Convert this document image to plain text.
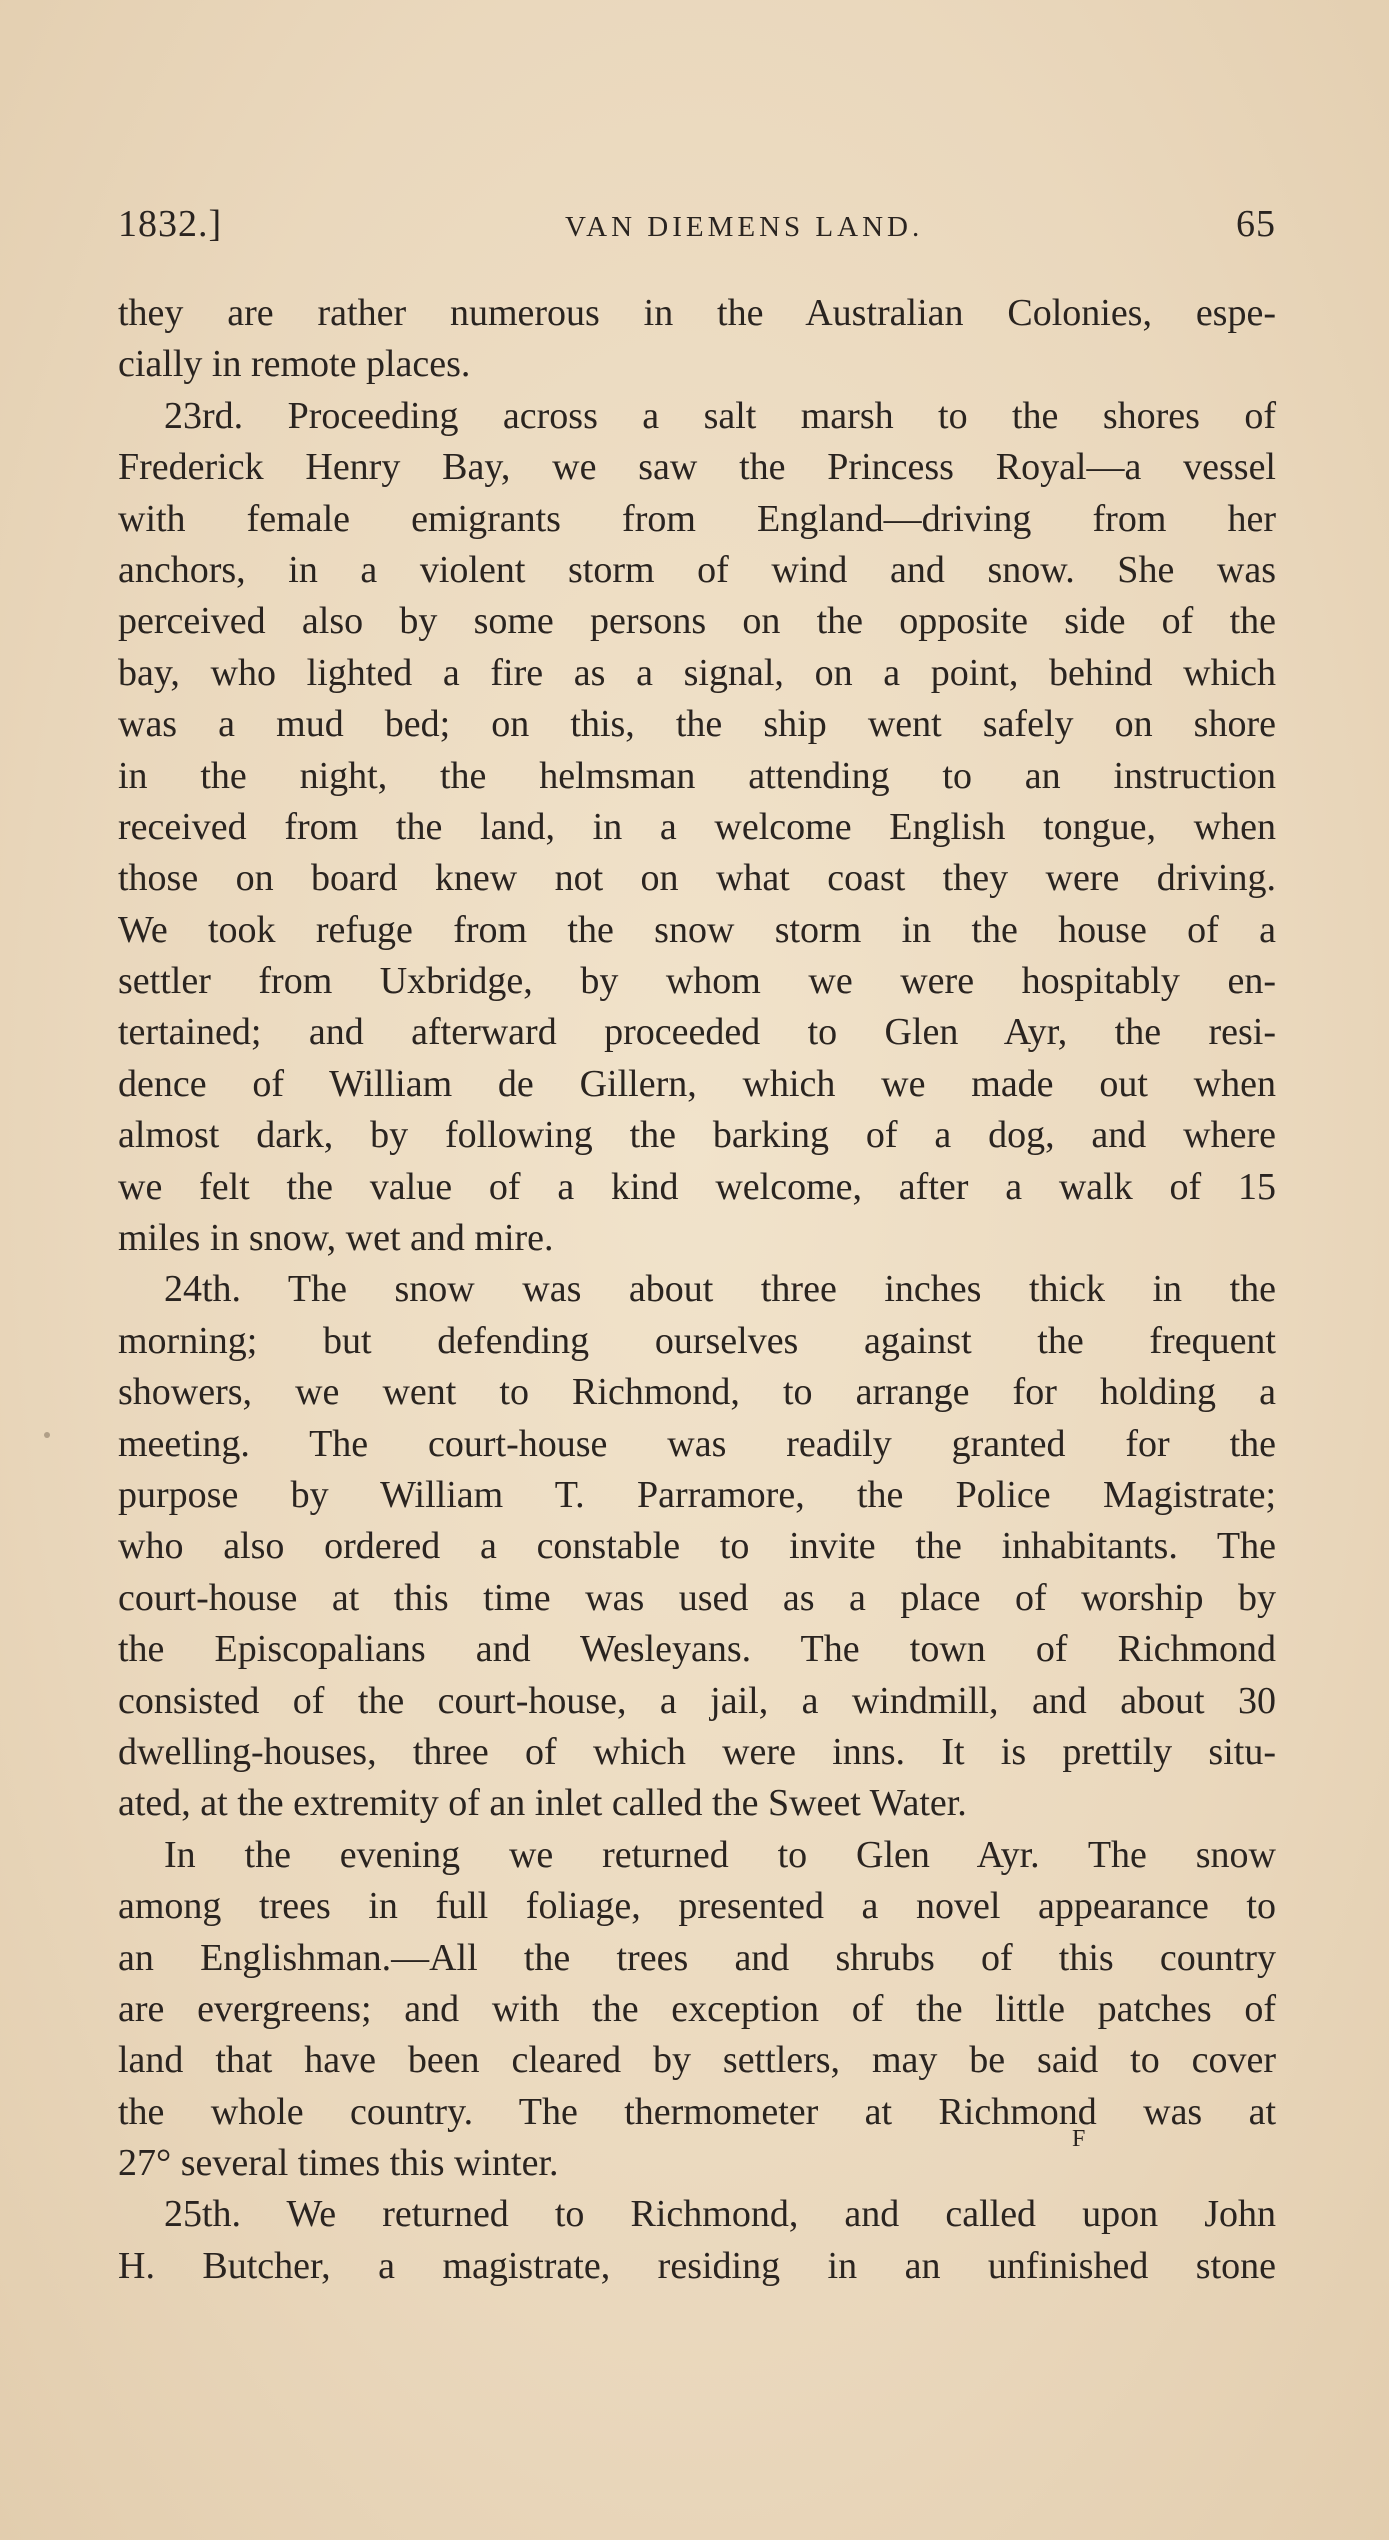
1832.]	VAN DIEMENS LAND.	65
they are rather numerous in the Australian Colonies, espe-
cially in remote places.
23rd. Proceeding across a salt marsh to the shores of
Frederick Henry Bay, we saw the Princess Royal—a vessel
with female emigrants from England—driving from her
anchors, in a violent storm of wind and snow. She was
perceived also by some persons on the opposite side of the
bay, who lighted a fire as a signal, on a point, behind which
was a mud bed; on this, the ship went safely on shore
in the night, the helmsman attending to an instruction
received from the land, in a welcome English tongue, when
those on board knew not on what coast they were driving.
We took refuge from the snow storm in the house of a
settler from Uxbridge, by whom we were hospitably en-
tertained; and afterward proceeded to Glen Ayr, the resi-
dence of William de Gillern, which we made out when
almost dark, by following the barking of a dog, and where
we felt the value of a kind welcome, after a walk of 15
miles in snow, wet and mire.
24th. The snow was about three inches thick in the
morning; but defending ourselves against the frequent
showers, we went to Richmond, to arrange for holding a
meeting. The court-house was readily granted for the
purpose by William T. Parramore, the Police Magistrate;
who also ordered a constable to invite the inhabitants. The
court-house at this time was used as a place of worship by
the Episcopalians and Wesleyans. The town of Richmond
consisted of the court-house, a jail, a windmill, and about 30
dwelling-houses, three of which were inns. It is prettily situ-
ated, at the extremity of an inlet called the Sweet Water.
In the evening we returned to Glen Ayr. The snow
among trees in full foliage, presented a novel appearance to
an Englishman.—All the trees and shrubs of this country
are evergreens; and with the exception of the little patches of
land that have been cleared by settlers, may be said to cover
the whole country. The thermometer at Richmond was at
27° several times this winter.
25th. We returned to Richmond, and called upon John
H. Butcher, a magistrate, residing in an unfinished stone
F
